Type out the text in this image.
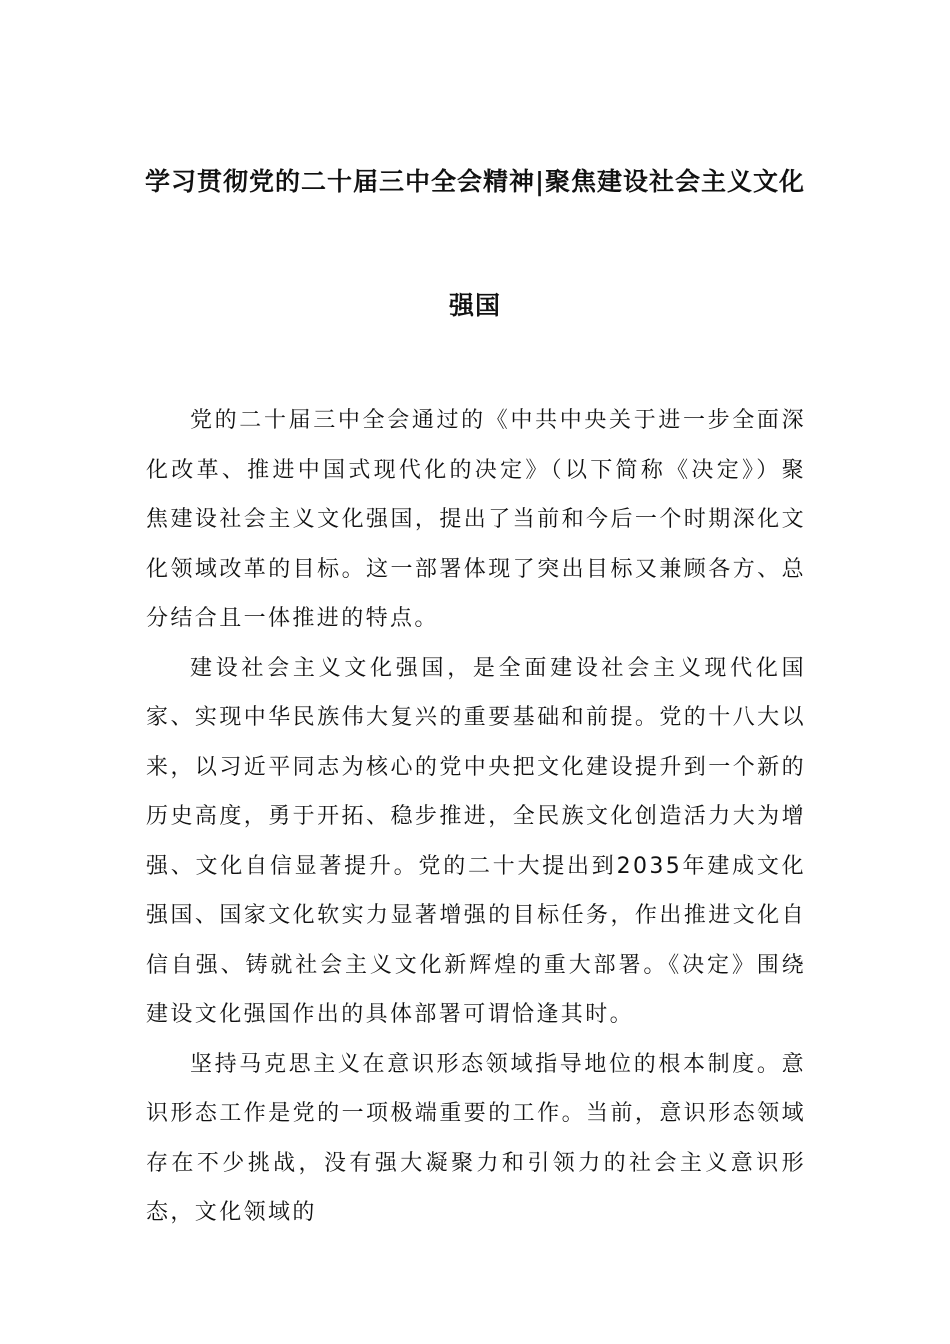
学习贯彻党的二十届三中全会精神|聚焦建设社会主义文化
强国

党的二十届三中全会通过的《中共中央关于进一步全面深化改革、推进中国式现代化的决定》（以下简称《决定》）聚焦建设社会主义文化强国，提出了当前和今后一个时期深化文化领域改革的目标。这一部署体现了突出目标又兼顾各方、总分结合且一体推进的特点。

建设社会主义文化强国，是全面建设社会主义现代化国家、实现中华民族伟大复兴的重要基础和前提。党的十八大以来，以习近平同志为核心的党中央把文化建设提升到一个新的历史高度，勇于开拓、稳步推进，全民族文化创造活力大为增强、文化自信显著提升。党的二十大提出到2035年建成文化强国、国家文化软实力显著增强的目标任务，作出推进文化自信自强、铸就社会主义文化新辉煌的重大部署。《决定》围绕建设文化强国作出的具体部署可谓恰逢其时。

坚持马克思主义在意识形态领域指导地位的根本制度。意识形态工作是党的一项极端重要的工作。当前，意识形态领域存在不少挑战，没有强大凝聚力和引领力的社会主义意识形态，文化领域的
